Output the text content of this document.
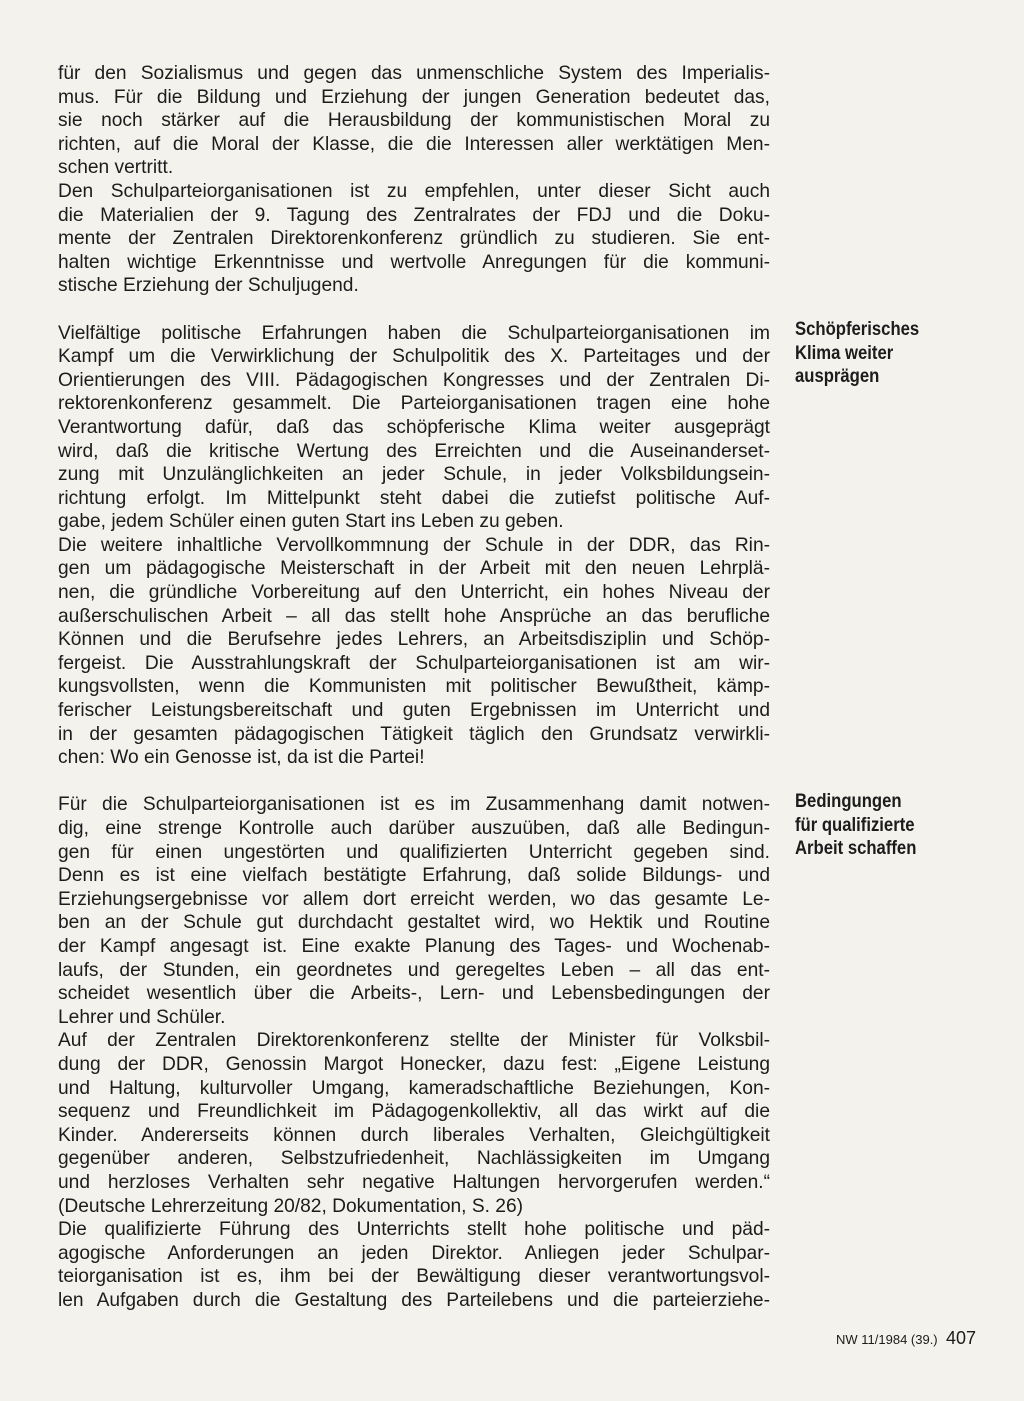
für den Sozialismus und gegen das unmenschliche System des Imperialis-
mus. Für die Bildung und Erziehung der jungen Generation bedeutet das,
sie noch stärker auf die Herausbildung der kommunistischen Moral zu
richten, auf die Moral der Klasse, die die Interessen aller werktätigen Men-
schen vertritt.
Den Schulparteiorganisationen ist zu empfehlen, unter dieser Sicht auch
die Materialien der 9. Tagung des Zentralrates der FDJ und die Doku-
mente der Zentralen Direktorenkonferenz gründlich zu studieren. Sie ent-
halten wichtige Erkenntnisse und wertvolle Anregungen für die kommuni-
stische Erziehung der Schuljugend.
Vielfältige politische Erfahrungen haben die Schulparteiorganisationen im
Kampf um die Verwirklichung der Schulpolitik des X. Parteitages und der
Orientierungen des VIII. Pädagogischen Kongresses und der Zentralen Di-
rektorenkonferenz gesammelt. Die Parteiorganisationen tragen eine hohe
Verantwortung dafür, daß das schöpferische Klima weiter ausgeprägt
wird, daß die kritische Wertung des Erreichten und die Auseinanderset-
zung mit Unzulänglichkeiten an jeder Schule, in jeder Volksbildungsein-
richtung erfolgt. Im Mittelpunkt steht dabei die zutiefst politische Auf-
gabe, jedem Schüler einen guten Start ins Leben zu geben.
Die weitere inhaltliche Vervollkommnung der Schule in der DDR, das Rin-
gen um pädagogische Meisterschaft in der Arbeit mit den neuen Lehrplä-
nen, die gründliche Vorbereitung auf den Unterricht, ein hohes Niveau der
außerschulischen Arbeit – all das stellt hohe Ansprüche an das berufliche
Können und die Berufsehre jedes Lehrers, an Arbeitsdisziplin und Schöp-
fergeist. Die Ausstrahlungskraft der Schulparteiorganisationen ist am wir-
kungsvollsten, wenn die Kommunisten mit politischer Bewußtheit, kämp-
ferischer Leistungsbereitschaft und guten Ergebnissen im Unterricht und
in der gesamten pädagogischen Tätigkeit täglich den Grundsatz verwirkli-
chen: Wo ein Genosse ist, da ist die Partei!
Für die Schulparteiorganisationen ist es im Zusammenhang damit notwen-
dig, eine strenge Kontrolle auch darüber auszuüben, daß alle Bedingun-
gen für einen ungestörten und qualifizierten Unterricht gegeben sind.
Denn es ist eine vielfach bestätigte Erfahrung, daß solide Bildungs- und
Erziehungsergebnisse vor allem dort erreicht werden, wo das gesamte Le-
ben an der Schule gut durchdacht gestaltet wird, wo Hektik und Routine
der Kampf angesagt ist. Eine exakte Planung des Tages- und Wochenab-
laufs, der Stunden, ein geordnetes und geregeltes Leben – all das ent-
scheidet wesentlich über die Arbeits-, Lern- und Lebensbedingungen der
Lehrer und Schüler.
Auf der Zentralen Direktorenkonferenz stellte der Minister für Volksbil-
dung der DDR, Genossin Margot Honecker, dazu fest: „Eigene Leistung
und Haltung, kulturvoller Umgang, kameradschaftliche Beziehungen, Kon-
sequenz und Freundlichkeit im Pädagogenkollektiv, all das wirkt auf die
Kinder. Andererseits können durch liberales Verhalten, Gleichgültigkeit
gegenüber anderen, Selbstzufriedenheit, Nachlässigkeiten im Umgang
und herzloses Verhalten sehr negative Haltungen hervorgerufen werden.“
(Deutsche Lehrerzeitung 20/82, Dokumentation, S. 26)
Die qualifizierte Führung des Unterrichts stellt hohe politische und päd-
agogische Anforderungen an jeden Direktor. Anliegen jeder Schulpar-
teiorganisation ist es, ihm bei der Bewältigung dieser verantwortungsvol-
len Aufgaben durch die Gestaltung des Parteilebens und die parteierziehe-
Schöpferisches
Klima weiter
ausprägen
Bedingungen
für qualifizierte
Arbeit schaffen
NW 11/1984 (39.) 407
